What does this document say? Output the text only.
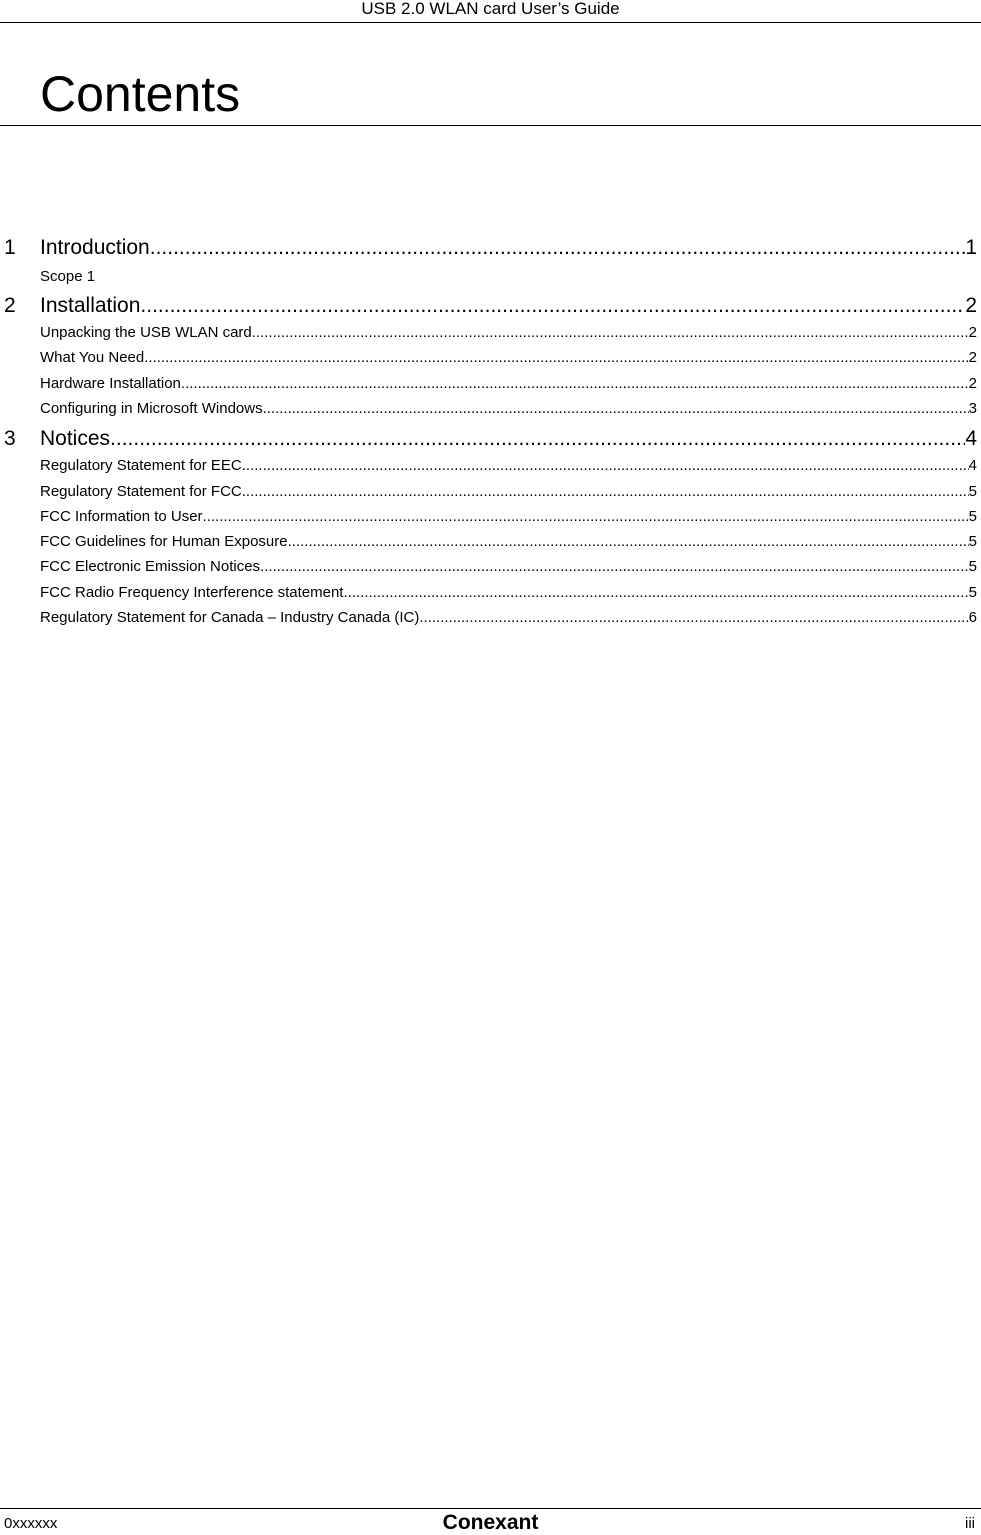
USB 2.0 WLAN card User’s Guide
Contents
1	Introduction .....	1
Scope 1
2	Installation .....	2
Unpacking the USB WLAN card .....	2
What You Need .....	2
Hardware Installation .....	2
Configuring in Microsoft Windows .....	3
3	Notices .....	4
Regulatory Statement for EEC .....	4
Regulatory Statement for FCC .....	5
FCC Information to User .....	5
FCC Guidelines for Human Exposure .....	5
FCC Electronic Emission Notices .....	5
FCC Radio Frequency Interference statement .....	5
Regulatory Statement for Canada – Industry Canada (IC) .....	6
0xxxxxx	Conexant	iii
